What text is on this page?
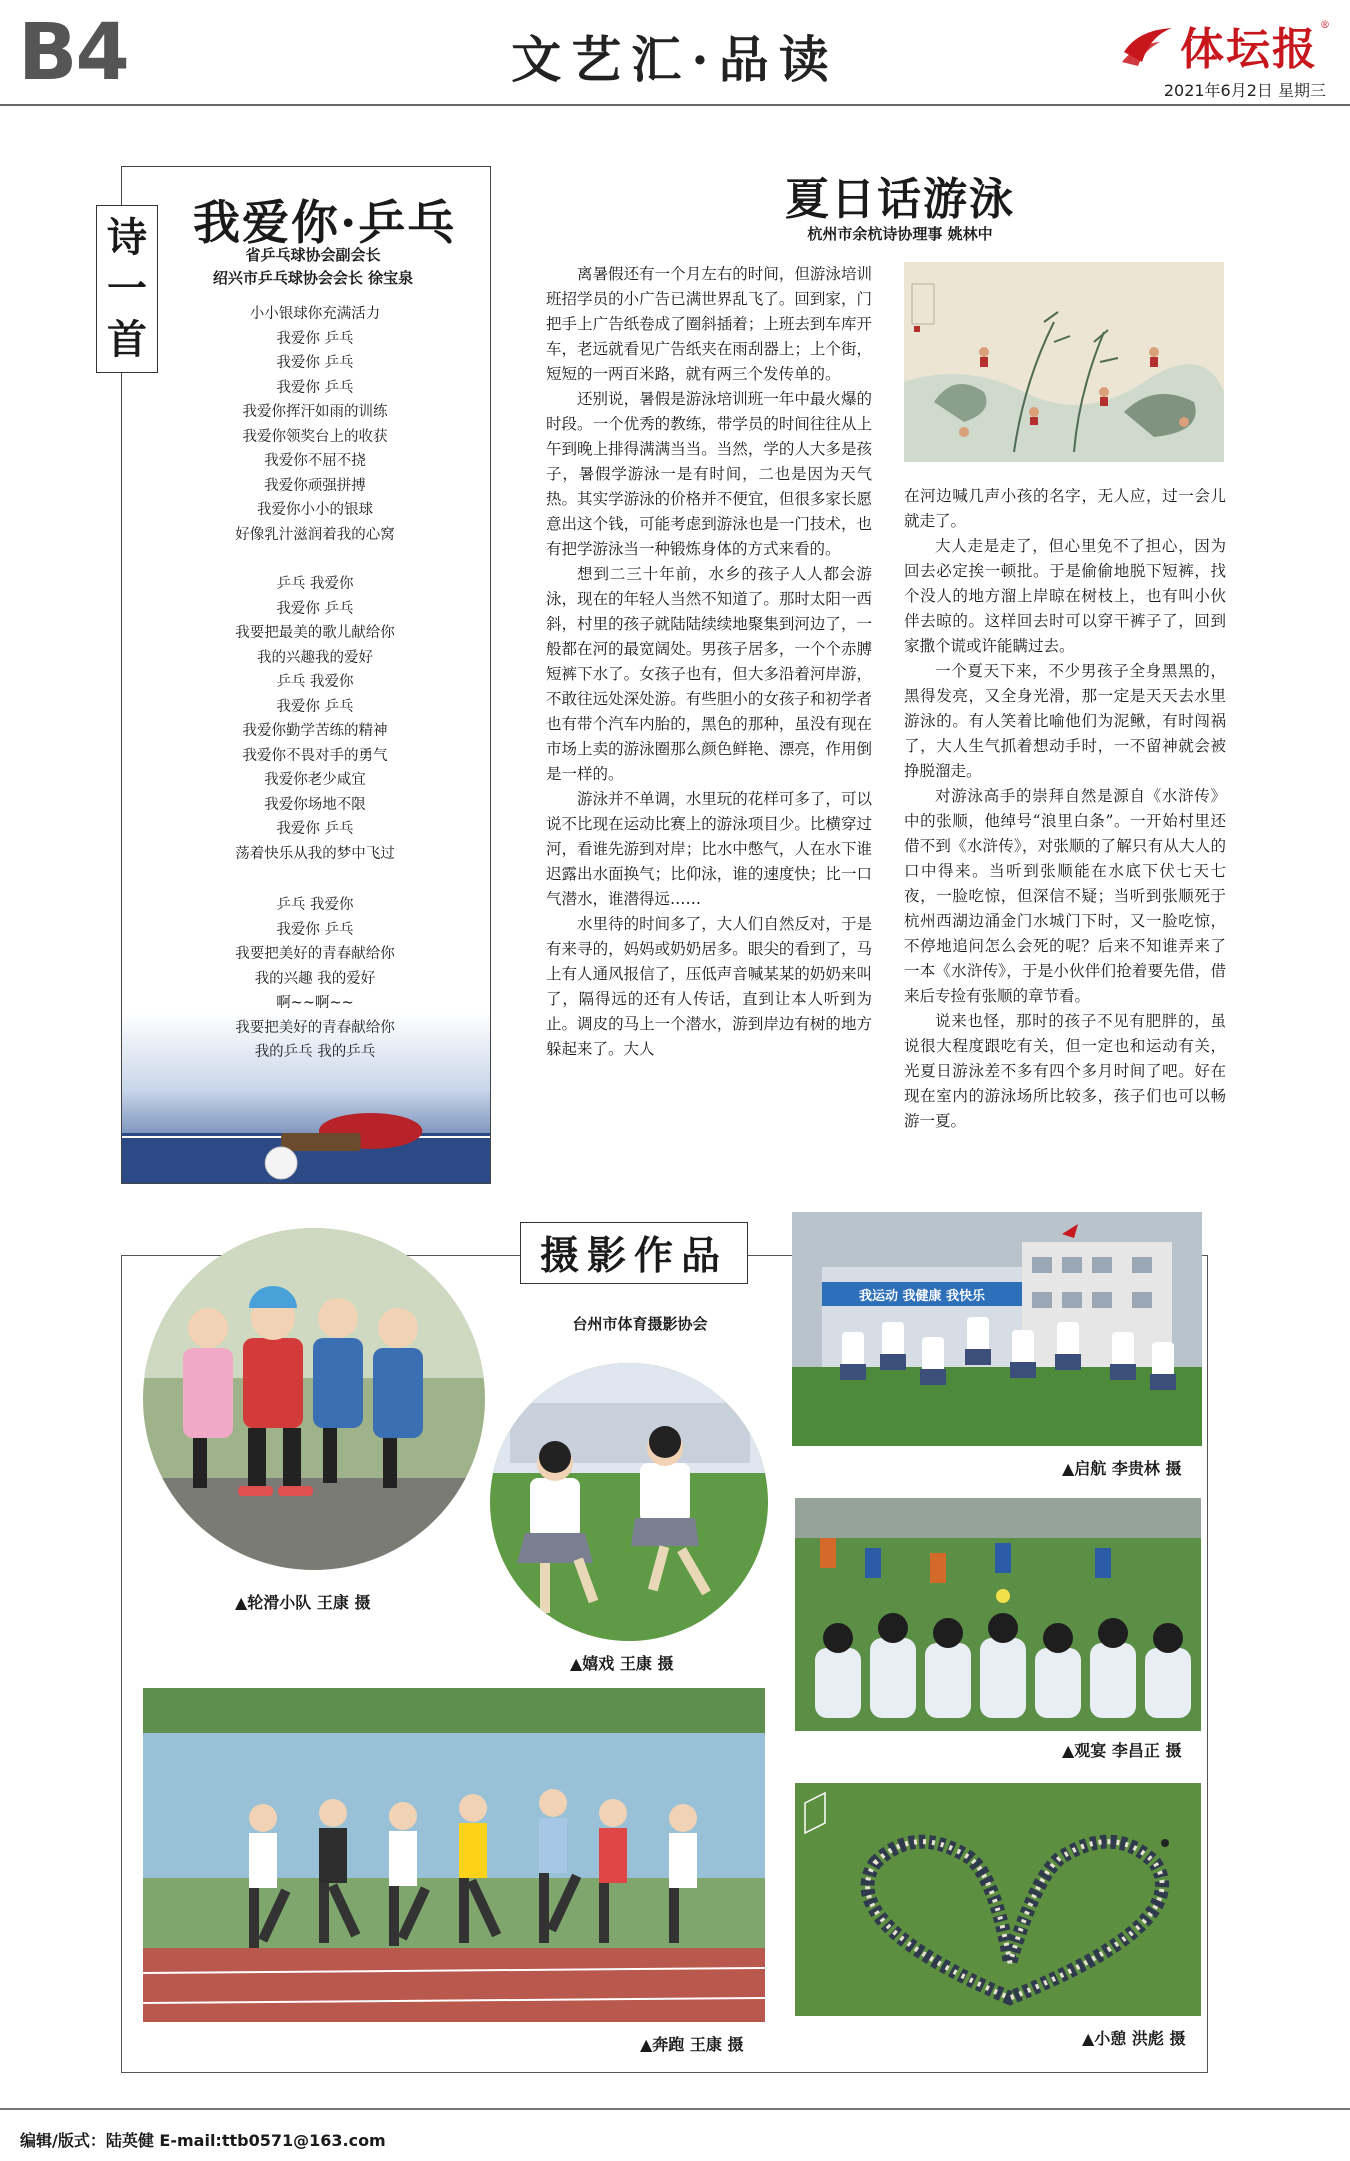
B4	文艺汇·品读	体坛报 ®
2021年6月2日 星期三
诗
一
首
我爱你·乒乓
省乒乓球协会副会长
绍兴市乒乓球协会会长 徐宝泉
小小银球你充满活力
我爱你 乒乓
我爱你 乒乓
我爱你 乒乓
我爱你挥汗如雨的训练
我爱你领奖台上的收获
我爱你不屈不挠
我爱你顽强拼搏
我爱你小小的银球
好像乳汁滋润着我的心窝
乒乓 我爱你
我爱你 乒乓
我要把最美的歌儿献给你
我的兴趣我的爱好
乒乓 我爱你
我爱你 乒乓
我爱你勤学苦练的精神
我爱你不畏对手的勇气
我爱你老少咸宜
我爱你场地不限
我爱你 乒乓
荡着快乐从我的梦中飞过
乒乓 我爱你
我爱你 乒乓
我要把美好的青春献给你
我的兴趣 我的爱好
啊~~啊~~
我要把美好的青春献给你
我的乒乓 我的乒乓
夏日话游泳
杭州市余杭诗协理事 姚林中

离暑假还有一个月左右的时间，但游泳培训班招学员的小广告已满世界乱飞了。回到家，门把手上广告纸卷成了圈斜插着；上班去到车库开车，老远就看见广告纸夹在雨刮器上；上个街，短短的一两百米路，就有两三个发传单的。

还别说，暑假是游泳培训班一年中最火爆的时段。一个优秀的教练，带学员的时间往往从上午到晚上排得满满当当。当然，学的人大多是孩子，暑假学游泳一是有时间，二也是因为天气热。其实学游泳的价格并不便宜，但很多家长愿意出这个钱，可能考虑到游泳也是一门技术，也有把学游泳当一种锻炼身体的方式来看的。

想到二三十年前，水乡的孩子人人都会游泳，现在的年轻人当然不知道了。那时太阳一西斜，村里的孩子就陆陆续续地聚集到河边了，一般都在河的最宽阔处。男孩子居多，一个个赤膊短裤下水了。女孩子也有，但大多沿着河岸游，不敢往远处深处游。有些胆小的女孩子和初学者也有带个汽车内胎的，黑色的那种，虽没有现在市场上卖的游泳圈那么颜色鲜艳、漂亮，作用倒是一样的。

游泳并不单调，水里玩的花样可多了，可以说不比现在运动比赛上的游泳项目少。比横穿过河，看谁先游到对岸；比水中憋气，人在水下谁迟露出水面换气；比仰泳，谁的速度快；比一口气潜水，谁潜得远……

水里待的时间多了，大人们自然反对，于是有来寻的，妈妈或奶奶居多。眼尖的看到了，马上有人通风报信了，压低声音喊某某的奶奶来叫了，隔得远的还有人传话，直到让本人听到为止。调皮的马上一个潜水，游到岸边有树的地方躲起来了。大人

在河边喊几声小孩的名字，无人应，过一会儿就走了。

大人走是走了，但心里免不了担心，因为回去必定挨一顿批。于是偷偷地脱下短裤，找个没人的地方溜上岸晾在树枝上，也有叫小伙伴去晾的。这样回去时可以穿干裤子了，回到家撒个谎或许能瞒过去。

一个夏天下来，不少男孩子全身黑黑的，黑得发亮，又全身光滑，那一定是天天去水里游泳的。有人笑着比喻他们为泥鳅，有时闯祸了，大人生气抓着想动手时，一不留神就会被挣脱溜走。

对游泳高手的崇拜自然是源自《水浒传》中的张顺，他绰号“浪里白条”。一开始村里还借不到《水浒传》，对张顺的了解只有从大人的口中得来。当听到张顺能在水底下伏七天七夜，一脸吃惊，但深信不疑；当听到张顺死于杭州西湖边涌金门水城门下时，又一脸吃惊，不停地追问怎么会死的呢？后来不知谁弄来了一本《水浒传》，于是小伙伴们抢着要先借，借来后专捡有张顺的章节看。

说来也怪，那时的孩子不见有肥胖的，虽说很大程度跟吃有关，但一定也和运动有关，光夏日游泳差不多有四个多月时间了吧。好在现在室内的游泳场所比较多，孩子们也可以畅游一夏。

摄影作品
台州市体育摄影协会
▲轮滑小队 王康 摄
▲嬉戏 王康 摄
我运动 我健康 我快乐
▲启航 李贵林 摄
▲观宴 李昌正 摄
▲奔跑 王康 摄	▲小憩 洪彪 摄
编辑/版式：陆英健 E-mail:ttb0571@163.com
